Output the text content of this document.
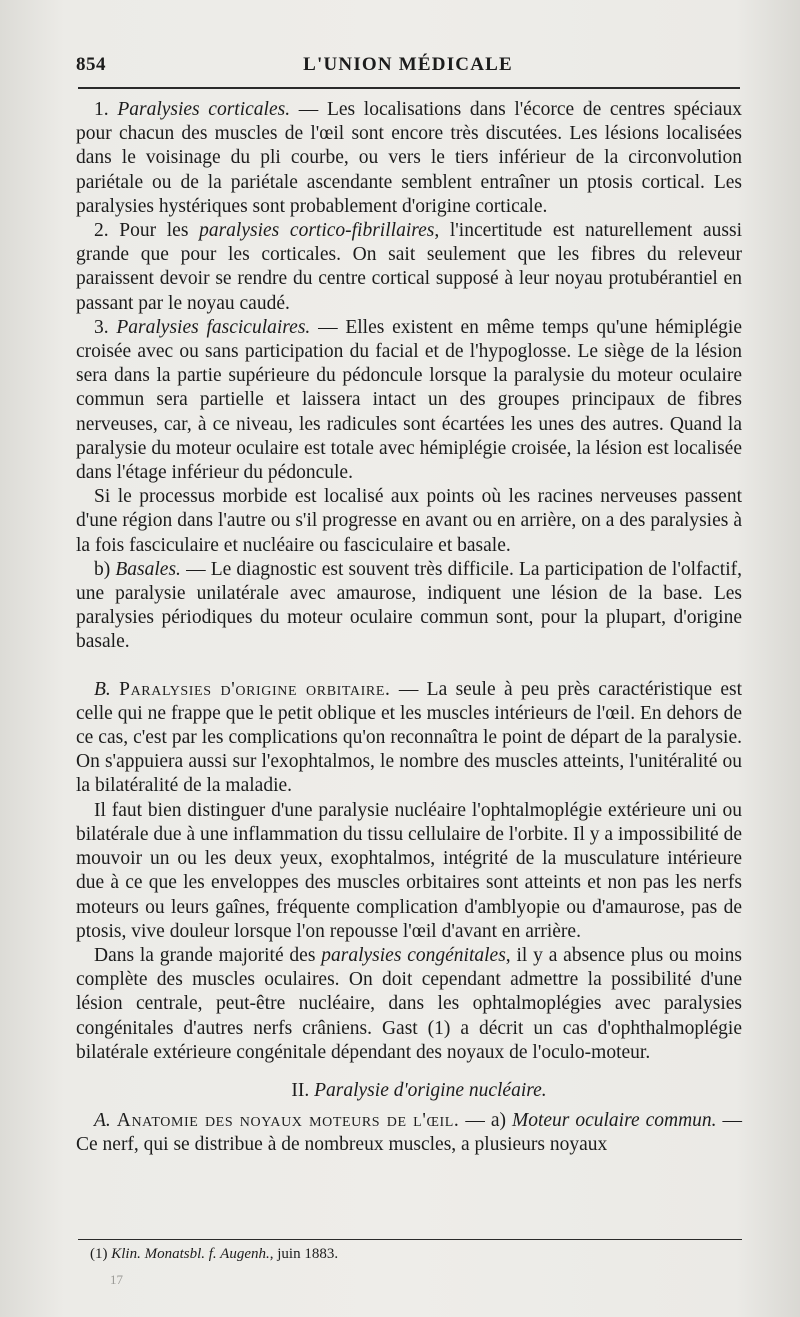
854	L'UNION MÉDICALE

1. Paralysies corticales. — Les localisations dans l'écorce de centres spéciaux pour chacun des muscles de l'œil sont encore très discutées. Les lésions localisées dans le voisinage du pli courbe, ou vers le tiers inférieur de la circonvolution pariétale ou de la pariétale ascendante semblent entraîner un ptosis cortical. Les paralysies hystériques sont probablement d'origine corticale.

2. Pour les paralysies cortico-fibrillaires, l'incertitude est naturellement aussi grande que pour les corticales. On sait seulement que les fibres du releveur paraissent devoir se rendre du centre cortical supposé à leur noyau protubérantiel en passant par le noyau caudé.

3. Paralysies fasciculaires. — Elles existent en même temps qu'une hémiplégie croisée avec ou sans participation du facial et de l'hypoglosse. Le siège de la lésion sera dans la partie supérieure du pédoncule lorsque la paralysie du moteur oculaire commun sera partielle et laissera intact un des groupes principaux de fibres nerveuses, car, à ce niveau, les radicules sont écartées les unes des autres. Quand la paralysie du moteur oculaire est totale avec hémiplégie croisée, la lésion est localisée dans l'étage inférieur du pédoncule.

Si le processus morbide est localisé aux points où les racines nerveuses passent d'une région dans l'autre ou s'il progresse en avant ou en arrière, on a des paralysies à la fois fasciculaire et nucléaire ou fasciculaire et basale.

b) Basales. — Le diagnostic est souvent très difficile. La participation de l'olfactif, une paralysie unilatérale avec amaurose, indiquent une lésion de la base. Les paralysies périodiques du moteur oculaire commun sont, pour la plupart, d'origine basale.

B. Paralysies d'origine orbitaire. — La seule à peu près caractéristique est celle qui ne frappe que le petit oblique et les muscles intérieurs de l'œil. En dehors de ce cas, c'est par les complications qu'on reconnaîtra le point de départ de la paralysie. On s'appuiera aussi sur l'exophtalmos, le nombre des muscles atteints, l'unitéralité ou la bilatéralité de la maladie.

Il faut bien distinguer d'une paralysie nucléaire l'ophtalmoplégie extérieure uni ou bilatérale due à une inflammation du tissu cellulaire de l'orbite. Il y a impossibilité de mouvoir un ou les deux yeux, exophtalmos, intégrité de la musculature intérieure due à ce que les enveloppes des muscles orbitaires sont atteints et non pas les nerfs moteurs ou leurs gaînes, fréquente complication d'amblyopie ou d'amaurose, pas de ptosis, vive douleur lorsque l'on repousse l'œil d'avant en arrière.

Dans la grande majorité des paralysies congénitales, il y a absence plus ou moins complète des muscles oculaires. On doit cependant admettre la possibilité d'une lésion centrale, peut-être nucléaire, dans les ophtalmoplégies avec paralysies congénitales d'autres nerfs crâniens. Gast (1) a décrit un cas d'ophthalmoplégie bilatérale extérieure congénitale dépendant des noyaux de l'oculo-moteur.

II. Paralysie d'origine nucléaire.

A. Anatomie des noyaux moteurs de l'œil. — a) Moteur oculaire commun. — Ce nerf, qui se distribue à de nombreux muscles, a plusieurs noyaux

(1) Klin. Monatsbl. f. Augenh., juin 1883.
17
